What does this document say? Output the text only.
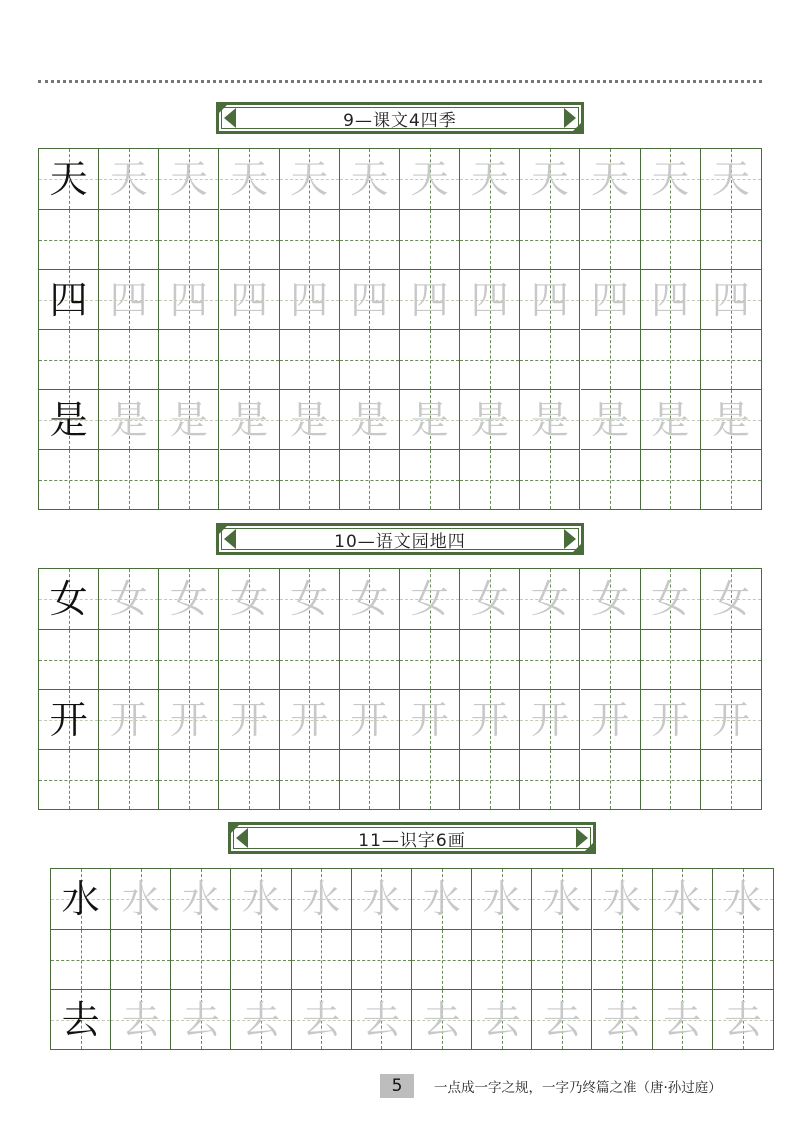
9—课文4四季
天 天 天 天 天 天 天 天 天 天 天 天
四 四 四 四 四 四 四 四 四 四 四 四
是 是 是 是 是 是 是 是 是 是 是 是
10—语文园地四
女 女 女 女 女 女 女 女 女 女 女 女
开 开 开 开 开 开 开 开 开 开 开 开
11—识字6画
水 水 水 水 水 水 水 水 水 水 水 水
去 去 去 去 去 去 去 去 去 去 去 去
5	一点成一字之规，一字乃终篇之准（唐·孙过庭）
